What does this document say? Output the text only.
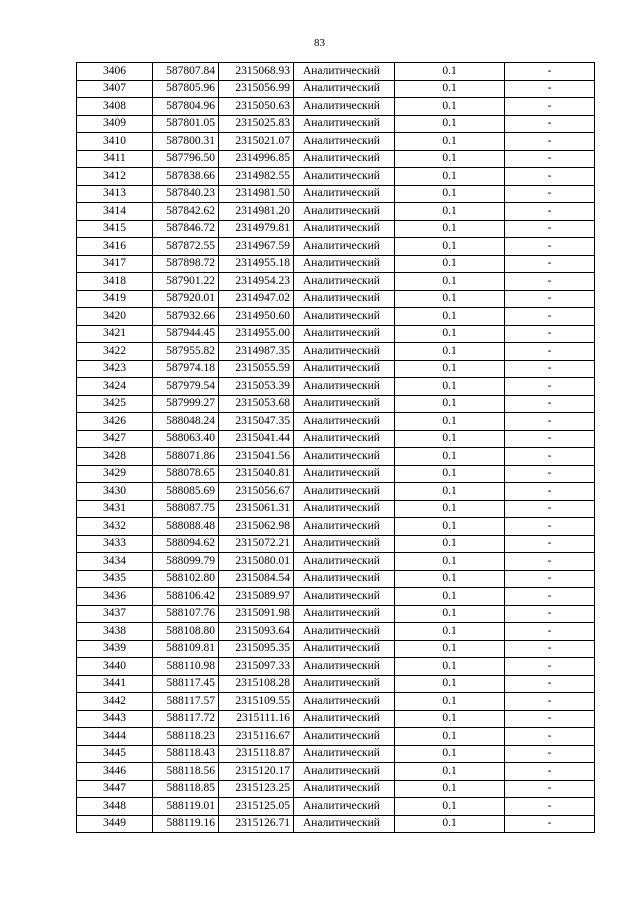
83
3406	587807.84	2315068.93	Аналитический	0.1	-
3407	587805.96	2315056.99	Аналитический	0.1	-
3408	587804.96	2315050.63	Аналитический	0.1	-
3409	587801.05	2315025.83	Аналитический	0.1	-
3410	587800.31	2315021.07	Аналитический	0.1	-
3411	587796.50	2314996.85	Аналитический	0.1	-
3412	587838.66	2314982.55	Аналитический	0.1	-
3413	587840.23	2314981.50	Аналитический	0.1	-
3414	587842.62	2314981.20	Аналитический	0.1	-
3415	587846.72	2314979.81	Аналитический	0.1	-
3416	587872.55	2314967.59	Аналитический	0.1	-
3417	587898.72	2314955.18	Аналитический	0.1	-
3418	587901.22	2314954.23	Аналитический	0.1	-
3419	587920.01	2314947.02	Аналитический	0.1	-
3420	587932.66	2314950.60	Аналитический	0.1	-
3421	587944.45	2314955.00	Аналитический	0.1	-
3422	587955.82	2314987.35	Аналитический	0.1	-
3423	587974.18	2315055.59	Аналитический	0.1	-
3424	587979.54	2315053.39	Аналитический	0.1	-
3425	587999.27	2315053.68	Аналитический	0.1	-
3426	588048.24	2315047.35	Аналитический	0.1	-
3427	588063.40	2315041.44	Аналитический	0.1	-
3428	588071.86	2315041.56	Аналитический	0.1	-
3429	588078.65	2315040.81	Аналитический	0.1	-
3430	588085.69	2315056.67	Аналитический	0.1	-
3431	588087.75	2315061.31	Аналитический	0.1	-
3432	588088.48	2315062.98	Аналитический	0.1	-
3433	588094.62	2315072.21	Аналитический	0.1	-
3434	588099.79	2315080.01	Аналитический	0.1	-
3435	588102.80	2315084.54	Аналитический	0.1	-
3436	588106.42	2315089.97	Аналитический	0.1	-
3437	588107.76	2315091.98	Аналитический	0.1	-
3438	588108.80	2315093.64	Аналитический	0.1	-
3439	588109.81	2315095.35	Аналитический	0.1	-
3440	588110.98	2315097.33	Аналитический	0.1	-
3441	588117.45	2315108.28	Аналитический	0.1	-
3442	588117.57	2315109.55	Аналитический	0.1	-
3443	588117.72	2315111.16	Аналитический	0.1	-
3444	588118.23	2315116.67	Аналитический	0.1	-
3445	588118.43	2315118.87	Аналитический	0.1	-
3446	588118.56	2315120.17	Аналитический	0.1	-
3447	588118.85	2315123.25	Аналитический	0.1	-
3448	588119.01	2315125.05	Аналитический	0.1	-
3449	588119.16	2315126.71	Аналитический	0.1	-
